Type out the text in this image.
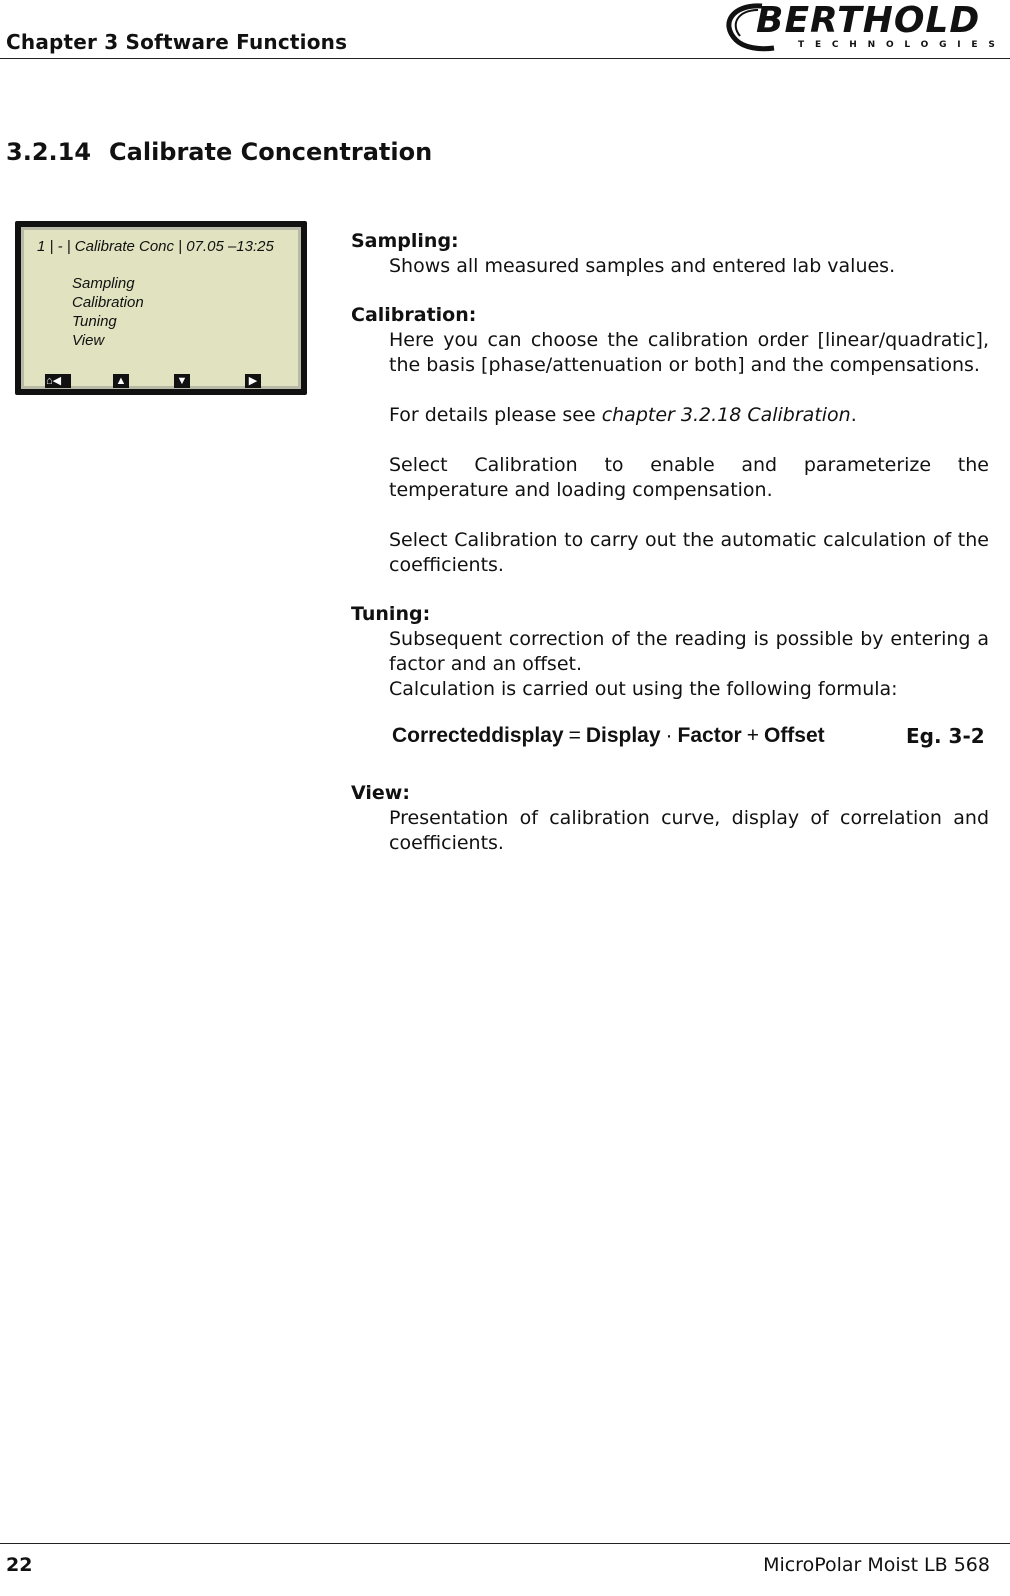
Chapter 3 Software Functions
BERTHOLD
TECHNOLOGIES
3.2.14 Calibrate Concentration
1 | - | Calibrate Conc | 07.05 –13:25
Sampling
Calibration
Tuning
View
⌂◀	▲	▼	▶
Sampling:
Shows all measured samples and entered lab values.
Calibration:
Here you can choose the calibration order [linear/quadratic], the basis [phase/attenuation or both] and the compensations.
For details please see chapter 3.2.18 Calibration.
Select Calibration to enable and parameterize the temperature and loading compensation.
Select Calibration to carry out the automatic calculation of the coefficients.
Tuning:
Subsequent correction of the reading is possible by entering a factor and an offset.
Calculation is carried out using the following formula:
Correcteddisplay = Display · Factor + Offset	Eg. 3-2
View:
Presentation of calibration curve, display of correlation and coefficients.
22	MicroPolar Moist LB 568
